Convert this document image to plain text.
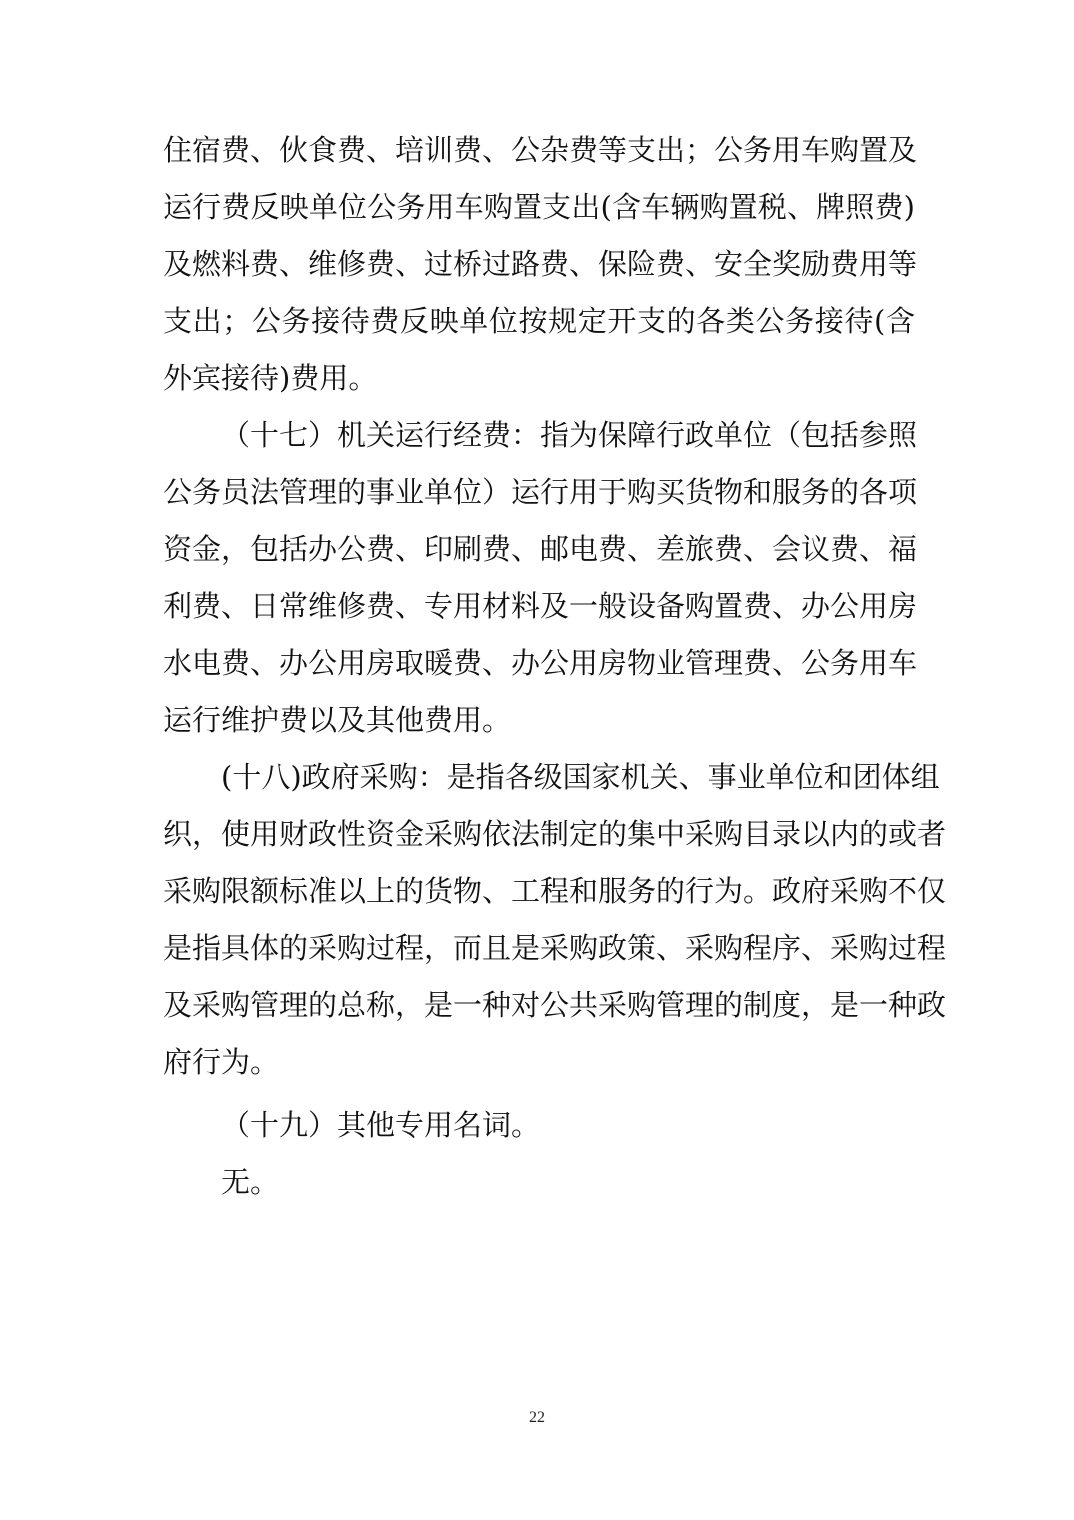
住宿费、伙食费、培训费、公杂费等支出；公务用车购置及
运行费反映单位公务用车购置支出(含车辆购置税、牌照费)
及燃料费、维修费、过桥过路费、保险费、安全奖励费用等
支出；公务接待费反映单位按规定开支的各类公务接待(含
外宾接待)费用。
（十七）机关运行经费：指为保障行政单位（包括参照
公务员法管理的事业单位）运行用于购买货物和服务的各项
资金，包括办公费、印刷费、邮电费、差旅费、会议费、福
利费、日常维修费、专用材料及一般设备购置费、办公用房
水电费、办公用房取暖费、办公用房物业管理费、公务用车
运行维护费以及其他费用。
(十八)政府采购：是指各级国家机关、事业单位和团体组
织，使用财政性资金采购依法制定的集中采购目录以内的或者
采购限额标准以上的货物、工程和服务的行为。政府采购不仅
是指具体的采购过程，而且是采购政策、采购程序、采购过程
及采购管理的总称，是一种对公共采购管理的制度，是一种政
府行为。
（十九）其他专用名词。
无。
22
